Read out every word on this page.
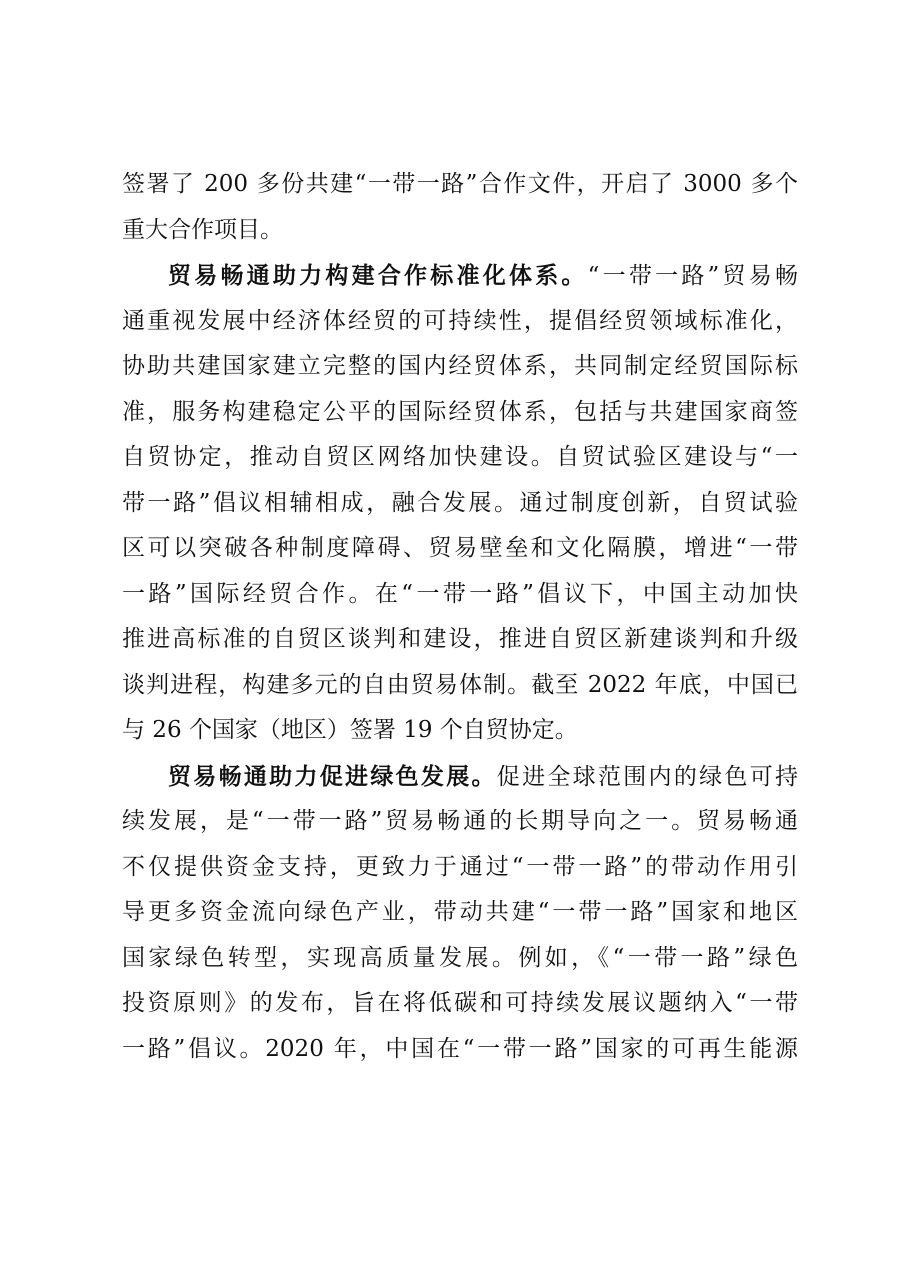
签署了 200 多份共建“一带一路”合作文件，开启了 3000 多个
重大合作项目。
贸易畅通助力构建合作标准化体系。“一带一路”贸易畅
通重视发展中经济体经贸的可持续性，提倡经贸领域标准化，
协助共建国家建立完整的国内经贸体系，共同制定经贸国际标
准，服务构建稳定公平的国际经贸体系，包括与共建国家商签
自贸协定，推动自贸区网络加快建设。自贸试验区建设与“一
带一路”倡议相辅相成，融合发展。通过制度创新，自贸试验
区可以突破各种制度障碍、贸易壁垒和文化隔膜，增进“一带
一路”国际经贸合作。在“一带一路”倡议下，中国主动加快
推进高标准的自贸区谈判和建设，推进自贸区新建谈判和升级
谈判进程，构建多元的自由贸易体制。截至 2022 年底，中国已
与 26 个国家（地区）签署 19 个自贸协定。
贸易畅通助力促进绿色发展。促进全球范围内的绿色可持
续发展，是“一带一路”贸易畅通的长期导向之一。贸易畅通
不仅提供资金支持，更致力于通过“一带一路”的带动作用引
导更多资金流向绿色产业，带动共建“一带一路”国家和地区
国家绿色转型，实现高质量发展。例如，《“一带一路”绿色
投资原则》的发布，旨在将低碳和可持续发展议题纳入“一带
一路”倡议。2020 年，中国在“一带一路”国家的可再生能源
